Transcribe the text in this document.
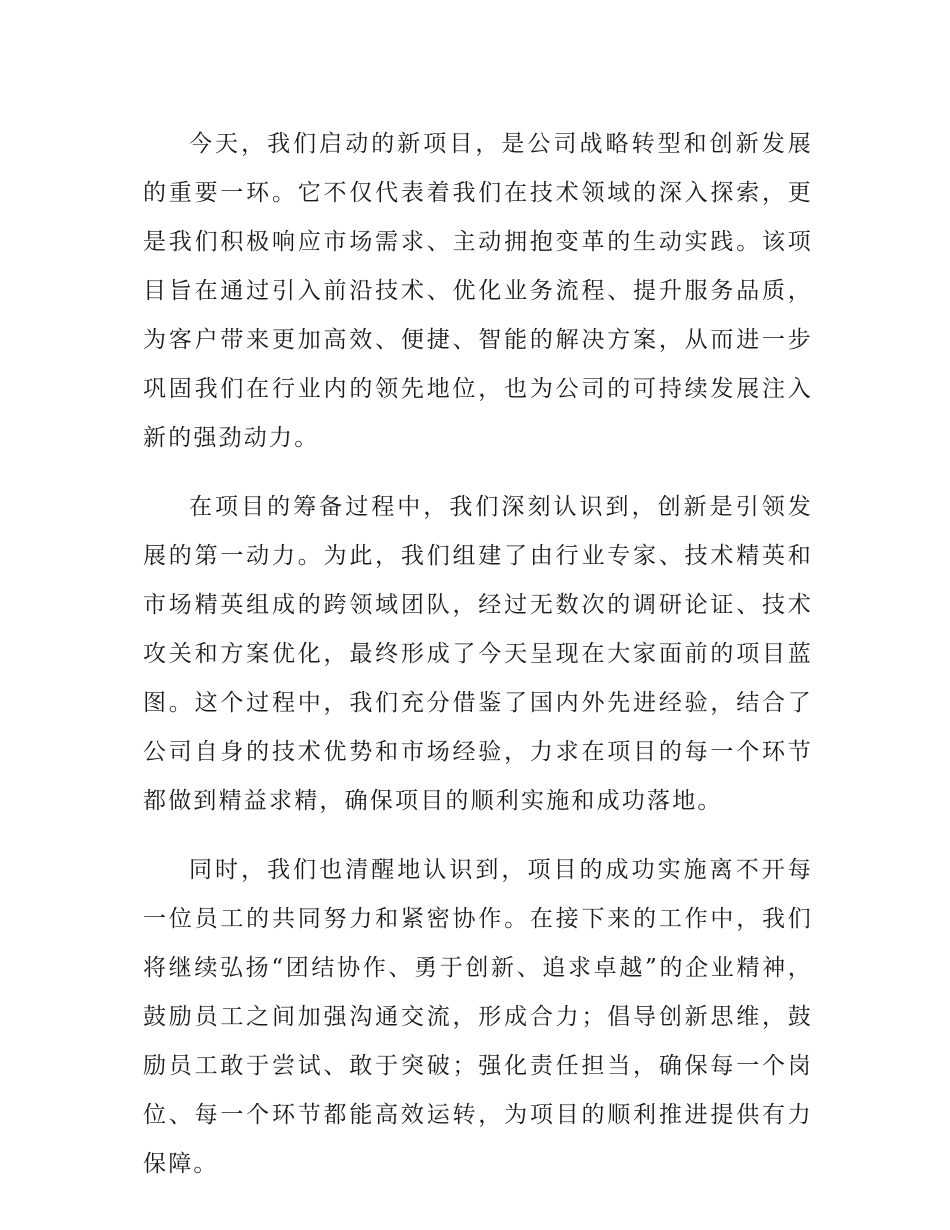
今天，我们启动的新项目，是公司战略转型和创新发展的重要一环。它不仅代表着我们在技术领域的深入探索，更是我们积极响应市场需求、主动拥抱变革的生动实践。该项目旨在通过引入前沿技术、优化业务流程、提升服务品质，为客户带来更加高效、便捷、智能的解决方案，从而进一步巩固我们在行业内的领先地位，也为公司的可持续发展注入新的强劲动力。

在项目的筹备过程中，我们深刻认识到，创新是引领发展的第一动力。为此，我们组建了由行业专家、技术精英和市场精英组成的跨领域团队，经过无数次的调研论证、技术攻关和方案优化，最终形成了今天呈现在大家面前的项目蓝图。这个过程中，我们充分借鉴了国内外先进经验，结合了公司自身的技术优势和市场经验，力求在项目的每一个环节都做到精益求精，确保项目的顺利实施和成功落地。

同时，我们也清醒地认识到，项目的成功实施离不开每一位员工的共同努力和紧密协作。在接下来的工作中，我们将继续弘扬“团结协作、勇于创新、追求卓越”的企业精神，鼓励员工之间加强沟通交流，形成合力；倡导创新思维，鼓励员工敢于尝试、敢于突破；强化责任担当，确保每一个岗位、每一个环节都能高效运转，为项目的顺利推进提供有力保障。
